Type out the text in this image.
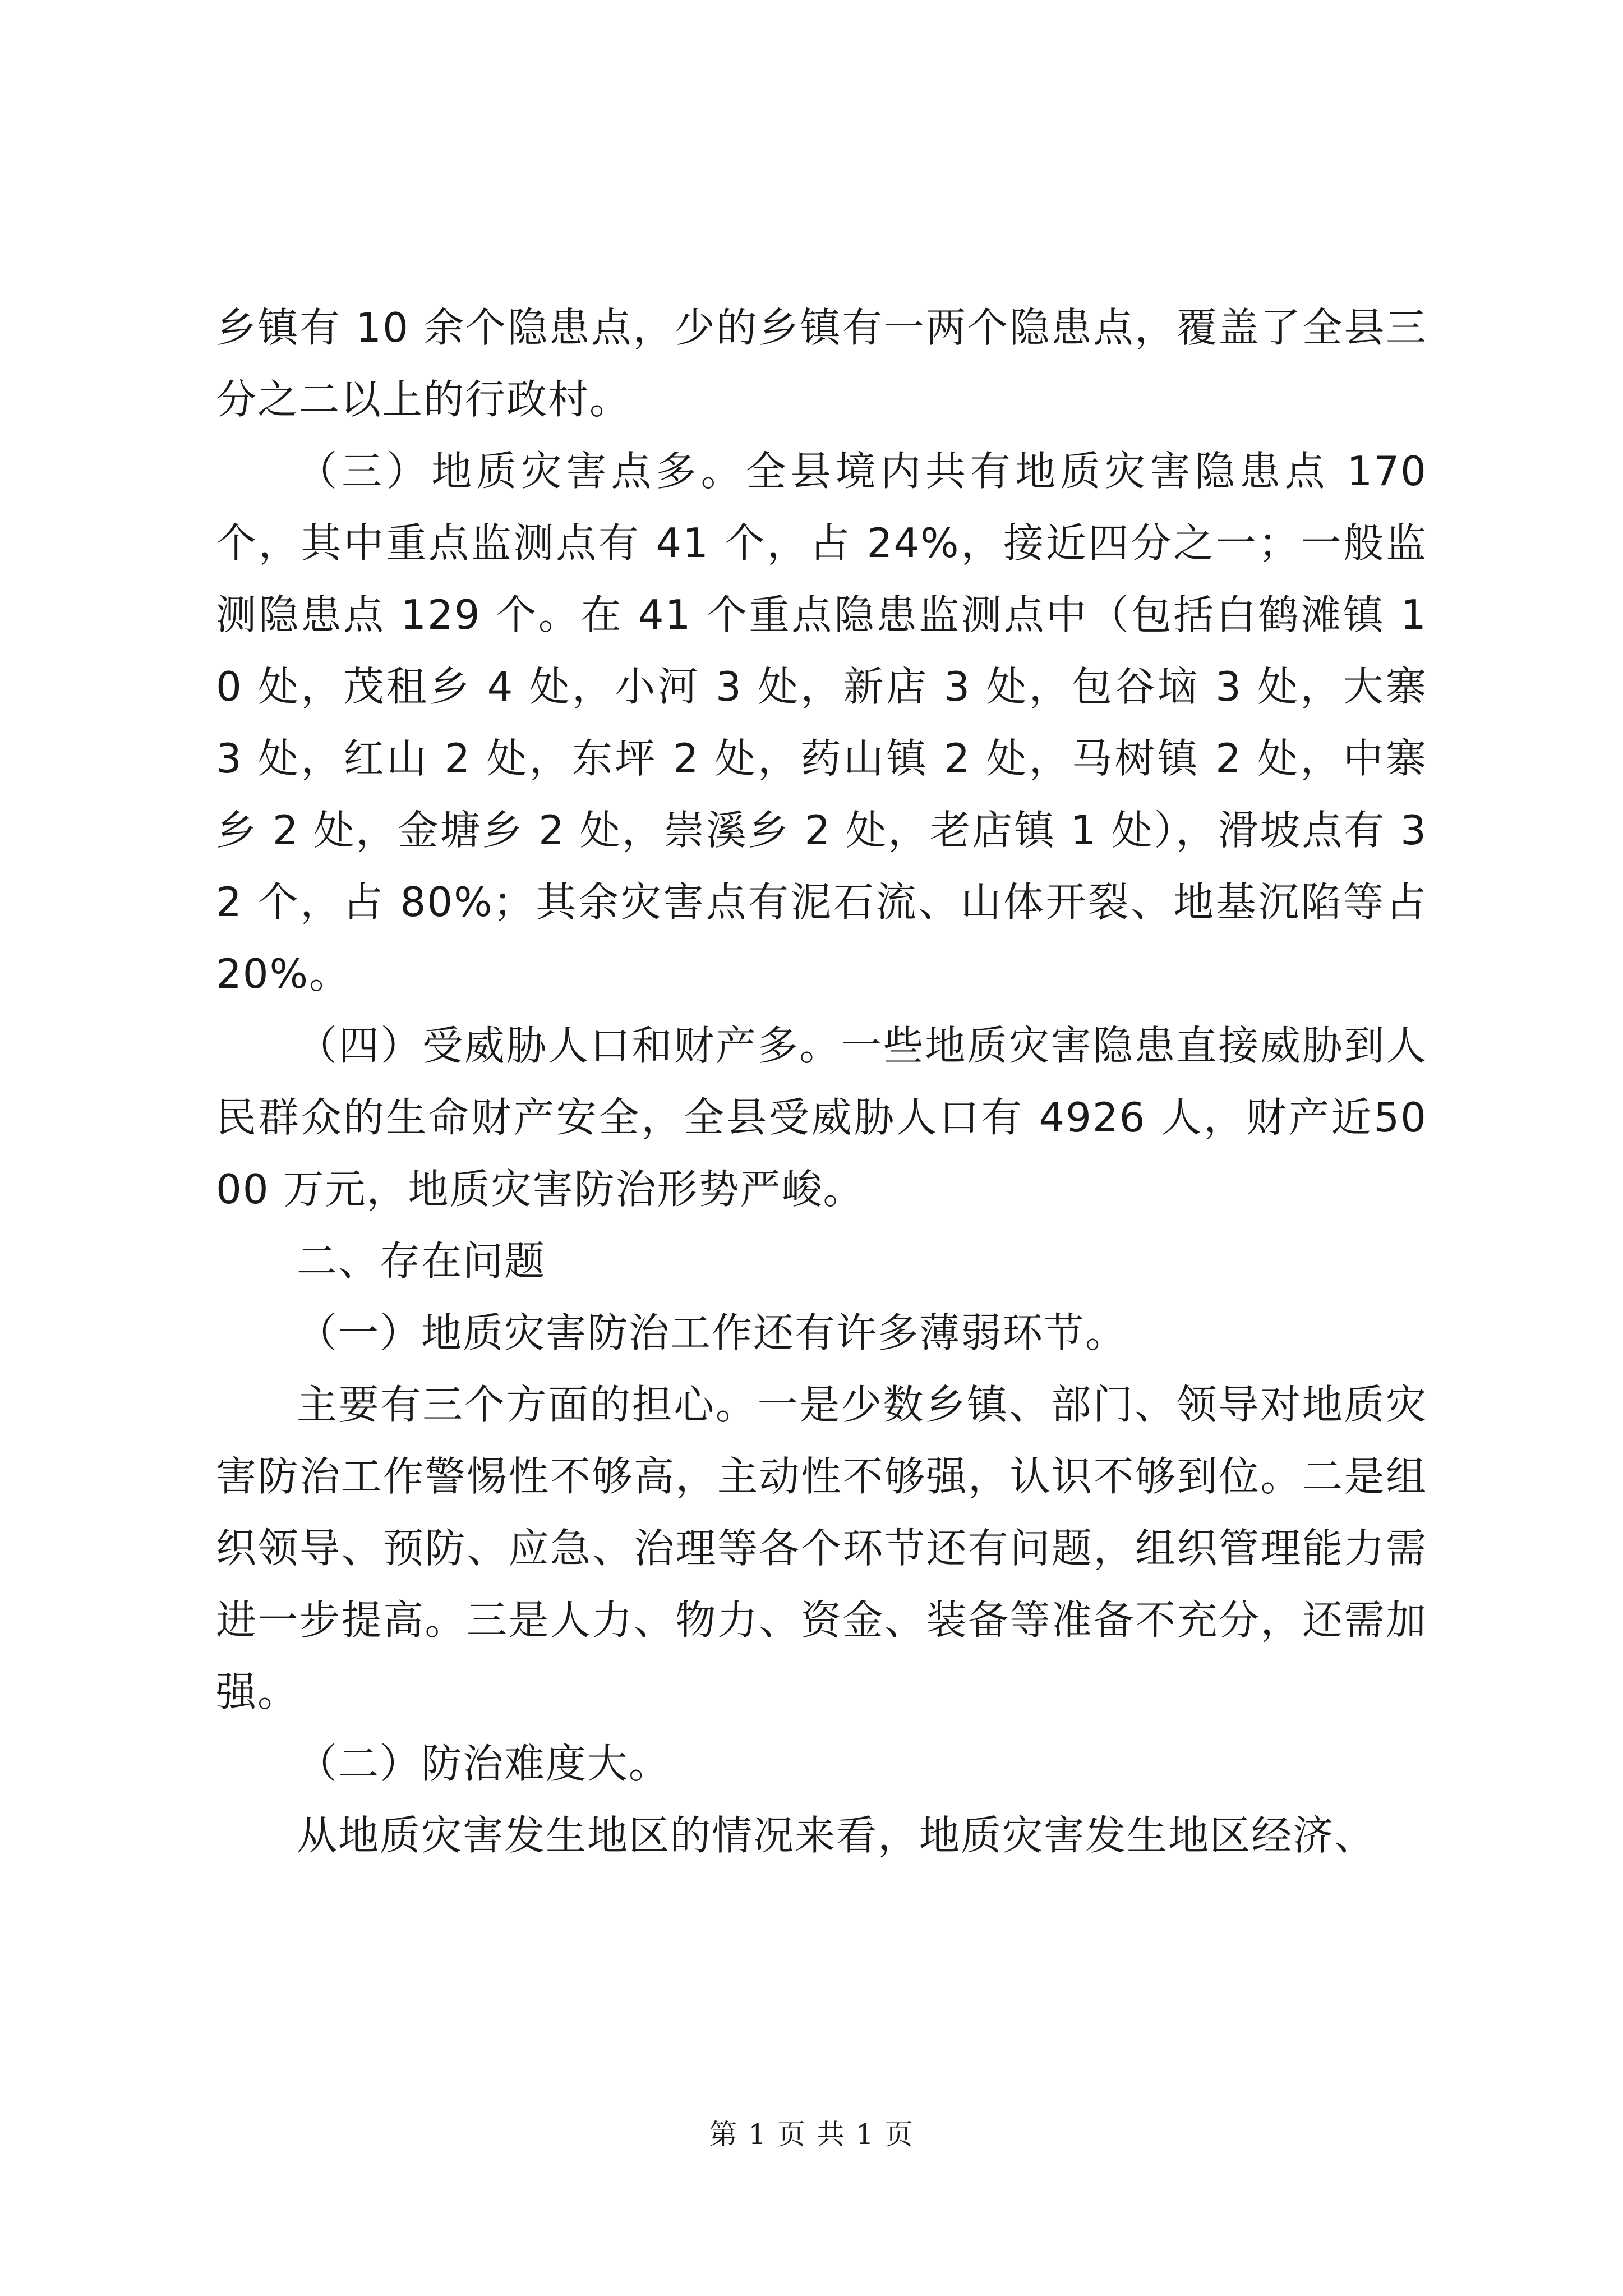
乡镇有 10 余个隐患点，少的乡镇有一两个隐患点，覆盖了全县三分之二以上的行政村。

（三）地质灾害点多。全县境内共有地质灾害隐患点 170 个，其中重点监测点有 41 个，占 24%，接近四分之一；一般监测隐患点 129 个。在 41 个重点隐患监测点中（包括白鹤滩镇 10 处，茂租乡 4 处，小河 3 处，新店 3 处，包谷垴 3 处，大寨 3 处，红山 2 处，东坪 2 处，药山镇 2 处，马树镇 2 处，中寨乡 2 处，金塘乡 2 处，崇溪乡 2 处，老店镇 1 处），滑坡点有 32 个，占 80%；其余灾害点有泥石流、山体开裂、地基沉陷等占 20%。

（四）受威胁人口和财产多。一些地质灾害隐患直接威胁到人民群众的生命财产安全，全县受威胁人口有 4926 人，财产近5000 万元，地质灾害防治形势严峻。

二、存在问题

（一）地质灾害防治工作还有许多薄弱环节。

主要有三个方面的担心。一是少数乡镇、部门、领导对地质灾害防治工作警惕性不够高，主动性不够强，认识不够到位。二是组织领导、预防、应急、治理等各个环节还有问题，组织管理能力需进一步提高。三是人力、物力、资金、装备等准备不充分，还需加强。

（二）防治难度大。

从地质灾害发生地区的情况来看，地质灾害发生地区经济、

第 1 页 共 1 页
